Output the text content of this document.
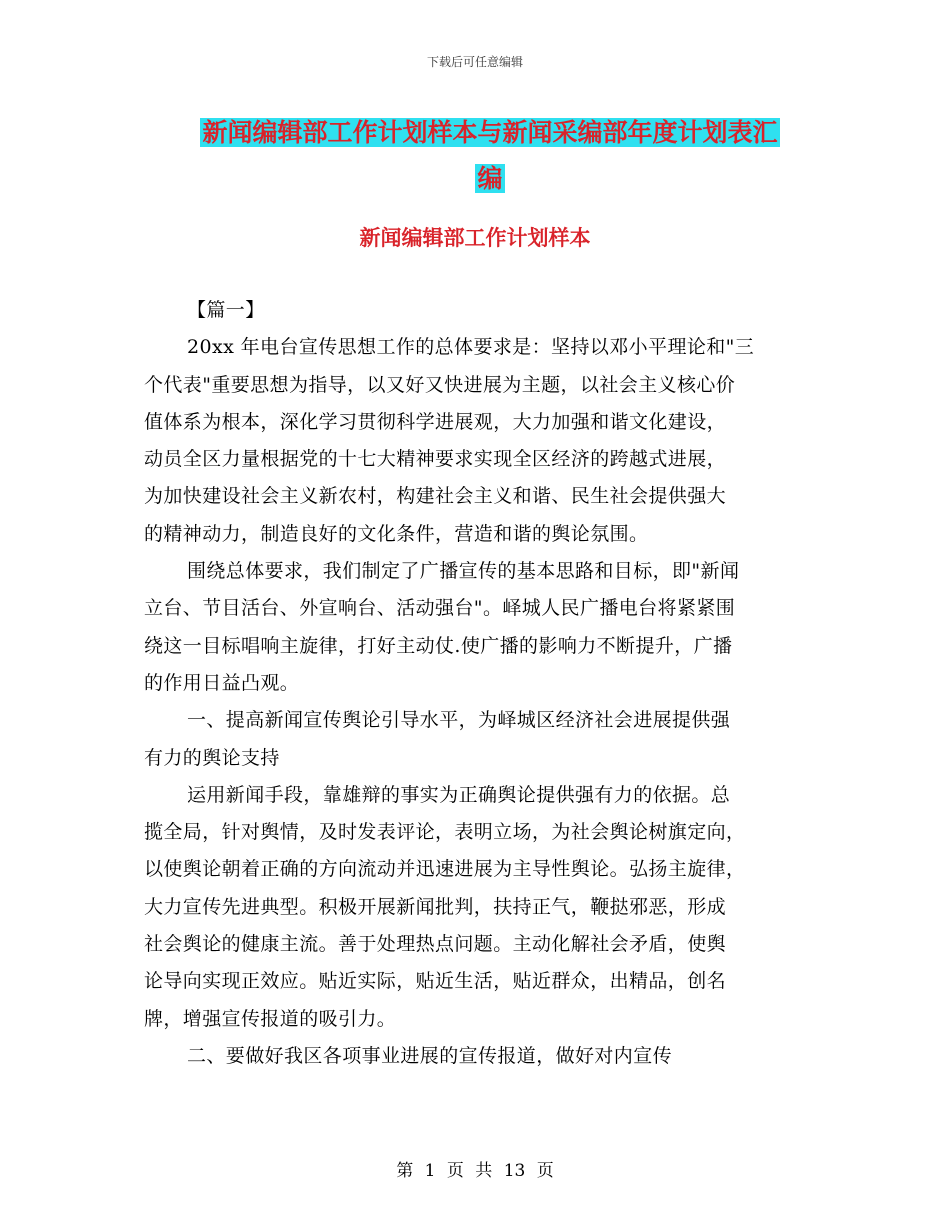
下载后可任意编辑
新闻编辑部工作计划样本与新闻采编部年度计划表汇
编
新闻编辑部工作计划样本
【篇一】
20xx 年电台宣传思想工作的总体要求是：坚持以邓小平理论和"三
个代表"重要思想为指导，以又好又快进展为主题，以社会主义核心价
值体系为根本，深化学习贯彻科学进展观，大力加强和谐文化建设，
动员全区力量根据党的十七大精神要求实现全区经济的跨越式进展，
为加快建设社会主义新农村，构建社会主义和谐、民生社会提供强大
的精神动力，制造良好的文化条件，营造和谐的舆论氛围。
围绕总体要求，我们制定了广播宣传的基本思路和目标，即"新闻
立台、节目活台、外宣响台、活动强台"。峄城人民广播电台将紧紧围
绕这一目标唱响主旋律，打好主动仗.使广播的影响力不断提升，广播
的作用日益凸观。
一、提高新闻宣传舆论引导水平，为峄城区经济社会进展提供强
有力的舆论支持
运用新闻手段，靠雄辩的事实为正确舆论提供强有力的依据。总
揽全局，针对舆情，及时发表评论，表明立场，为社会舆论树旗定向，
以使舆论朝着正确的方向流动并迅速进展为主导性舆论。弘扬主旋律，
大力宣传先进典型。积极开展新闻批判，扶持正气，鞭挞邪恶，形成
社会舆论的健康主流。善于处理热点问题。主动化解社会矛盾，使舆
论导向实现正效应。贴近实际，贴近生活，贴近群众，出精品，创名
牌，增强宣传报道的吸引力。
二、要做好我区各项事业进展的宣传报道，做好对内宣传
第 1 页 共 13 页
